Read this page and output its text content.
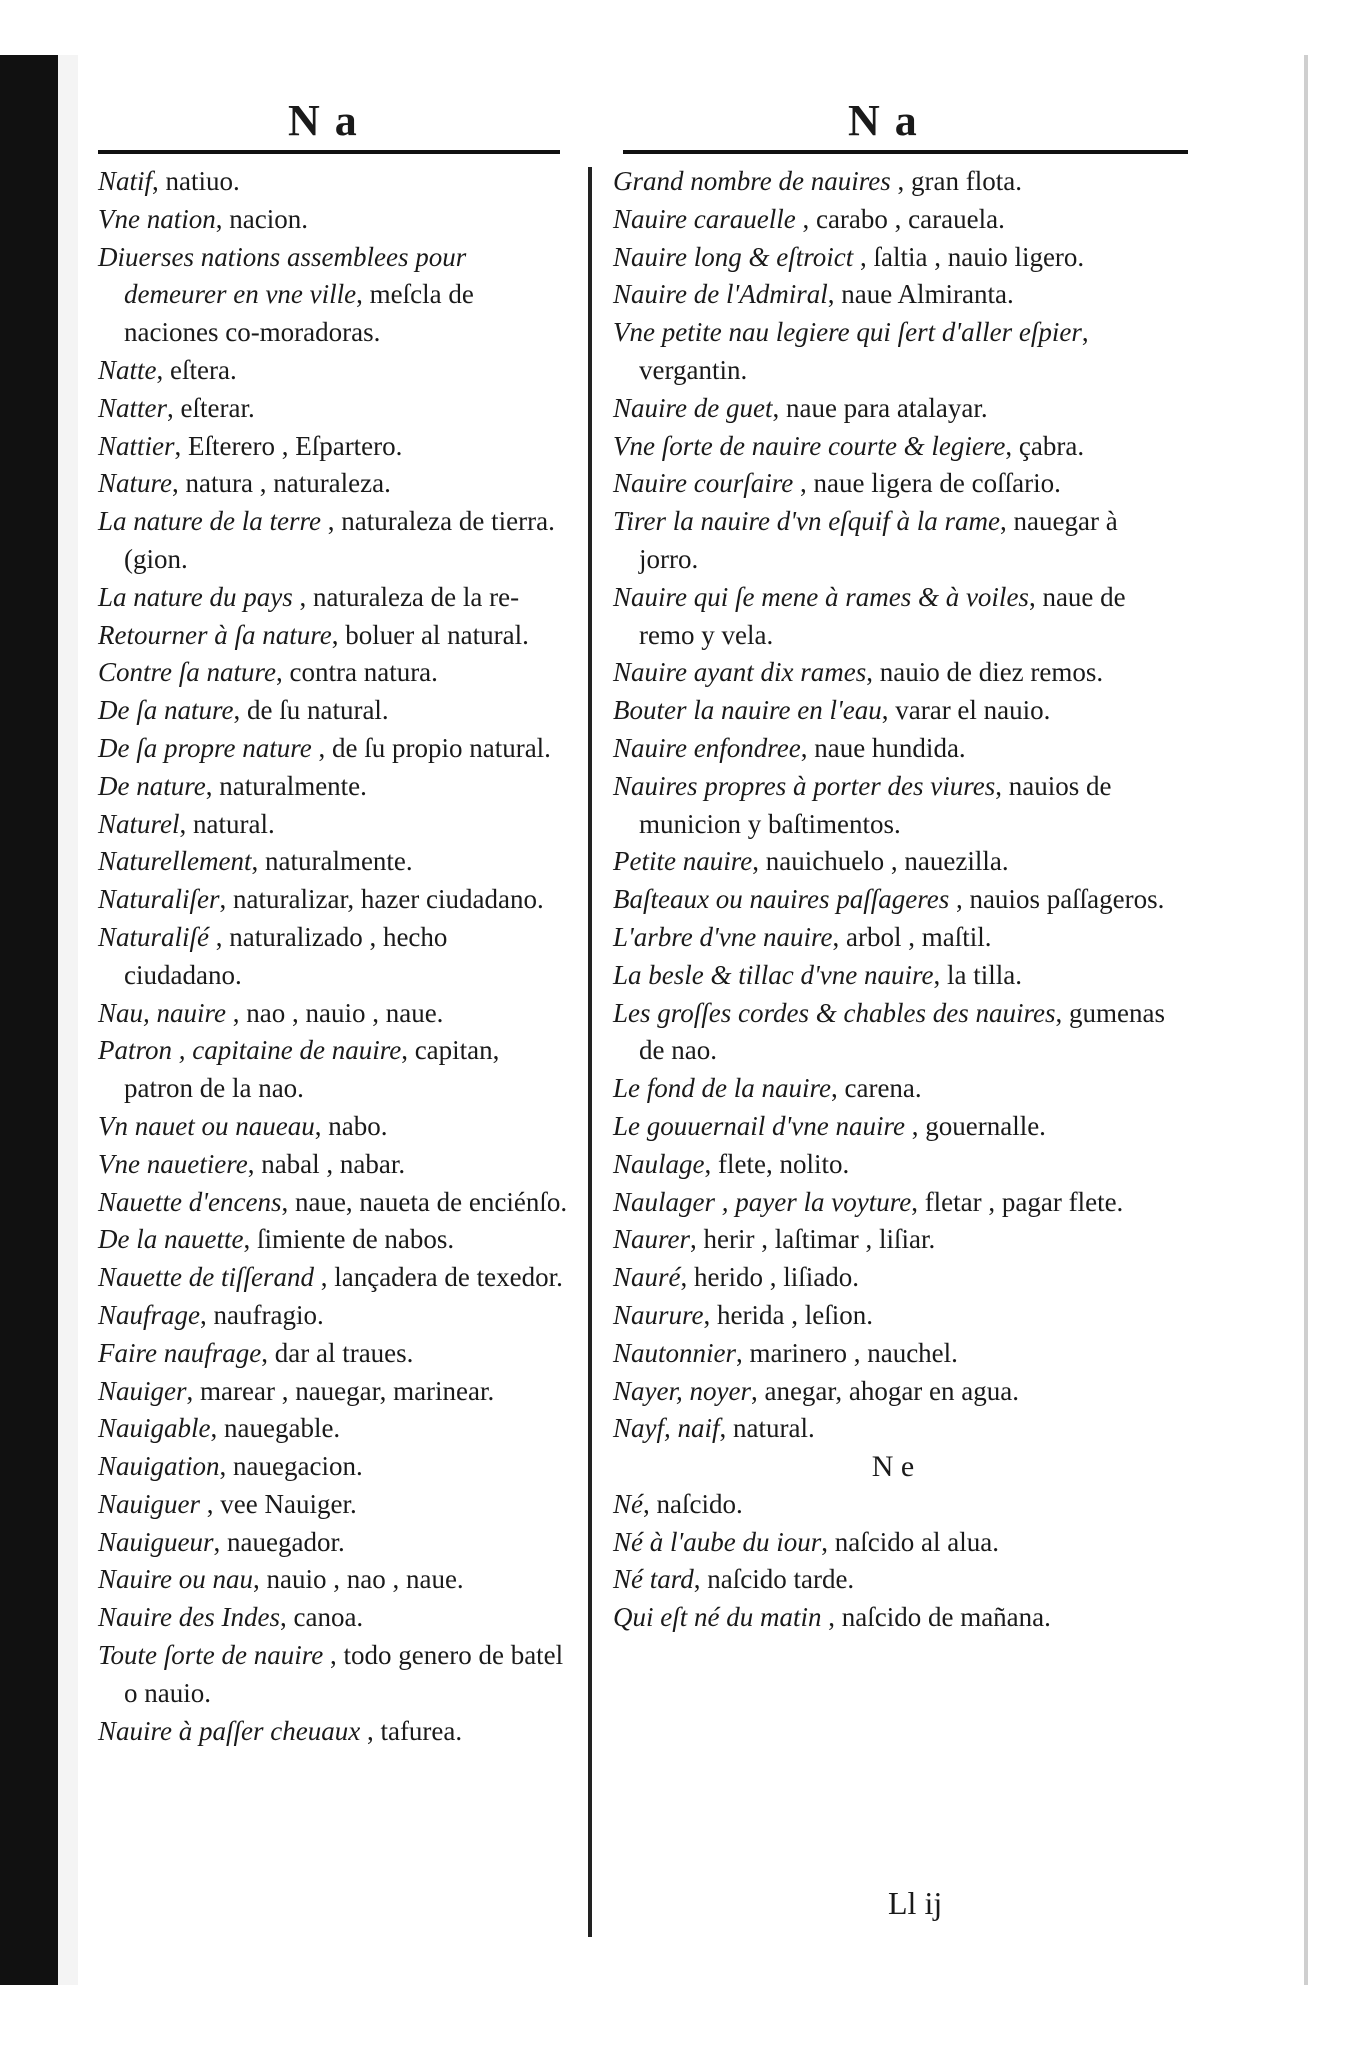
N a	N a

Natif, natiuo.

Vne nation, nacion.

Diuerses nations assemblees pour demeurer en vne ville, meſcla de naciones co-moradoras.

Natte, eſtera.

Natter, eſterar.

Nattier, Eſterero , Eſpartero.

Nature, natura , naturaleza.

La nature de la terre , naturaleza de tierra. (gion.

La nature du pays , naturaleza de la re-

Retourner à ſa nature, boluer al natural.

Contre ſa nature, contra natura.

De ſa nature, de ſu natural.

De ſa propre nature , de ſu propio natural.

De nature, naturalmente.

Naturel, natural.

Naturellement, naturalmente.

Naturaliſer, naturalizar, hazer ciudadano.

Naturaliſé , naturalizado , hecho ciudadano.

Nau, nauire , nao , nauio , naue.

Patron , capitaine de nauire, capitan, patron de la nao.

Vn nauet ou naueau, nabo.

Vne nauetiere, nabal , nabar.

Nauette d'encens, naue, naueta de enciénſo.

De la nauette, ſimiente de nabos.

Nauette de tiſſerand , lançadera de texedor.

Naufrage, naufragio.

Faire naufrage, dar al traues.

Nauiger, marear , nauegar, marinear.

Nauigable, nauegable.

Nauigation, nauegacion.

Nauiguer , vee Nauiger.

Nauigueur, nauegador.

Nauire ou nau, nauio , nao , naue.

Nauire des Indes, canoa.

Toute ſorte de nauire , todo genero de batel o nauio.

Nauire à paſſer cheuaux , tafurea.

Grand nombre de nauires , gran flota.

Nauire carauelle , carabo , carauela.

Nauire long & eſtroict , ſaltia , nauio ligero.

Nauire de l'Admiral, naue Almiranta.

Vne petite nau legiere qui ſert d'aller eſpier, vergantin.

Nauire de guet, naue para atalayar.

Vne ſorte de nauire courte & legiere, çabra.

Nauire courſaire , naue ligera de coſſario.

Tirer la nauire d'vn eſquif à la rame, nauegar à jorro.

Nauire qui ſe mene à rames & à voiles, naue de remo y vela.

Nauire ayant dix rames, nauio de diez remos.

Bouter la nauire en l'eau, varar el nauio.

Nauire enfondree, naue hundida.

Nauires propres à porter des viures, nauios de municion y baſtimentos.

Petite nauire, nauichuelo , nauezilla.

Baſteaux ou nauires paſſageres , nauios paſſageros.

L'arbre d'vne nauire, arbol , maſtil.

La besle & tillac d'vne nauire, la tilla.

Les groſſes cordes & chables des nauires, gumenas de nao.

Le fond de la nauire, carena.

Le gouuernail d'vne nauire , gouernalle.

Naulage, flete, nolito.

Naulager , payer la voyture, fletar , pagar flete.

Naurer, herir , laſtimar , liſiar.

Nauré, herido , liſiado.

Naurure, herida , leſion.

Nautonnier, marinero , nauchel.

Nayer, noyer, anegar, ahogar en agua.

Nayf, naif, natural.

N e

Né, naſcido.

Né à l'aube du iour, naſcido al alua.

Né tard, naſcido tarde.

Qui eſt né du matin , naſcido de mañana.

Ll ij
